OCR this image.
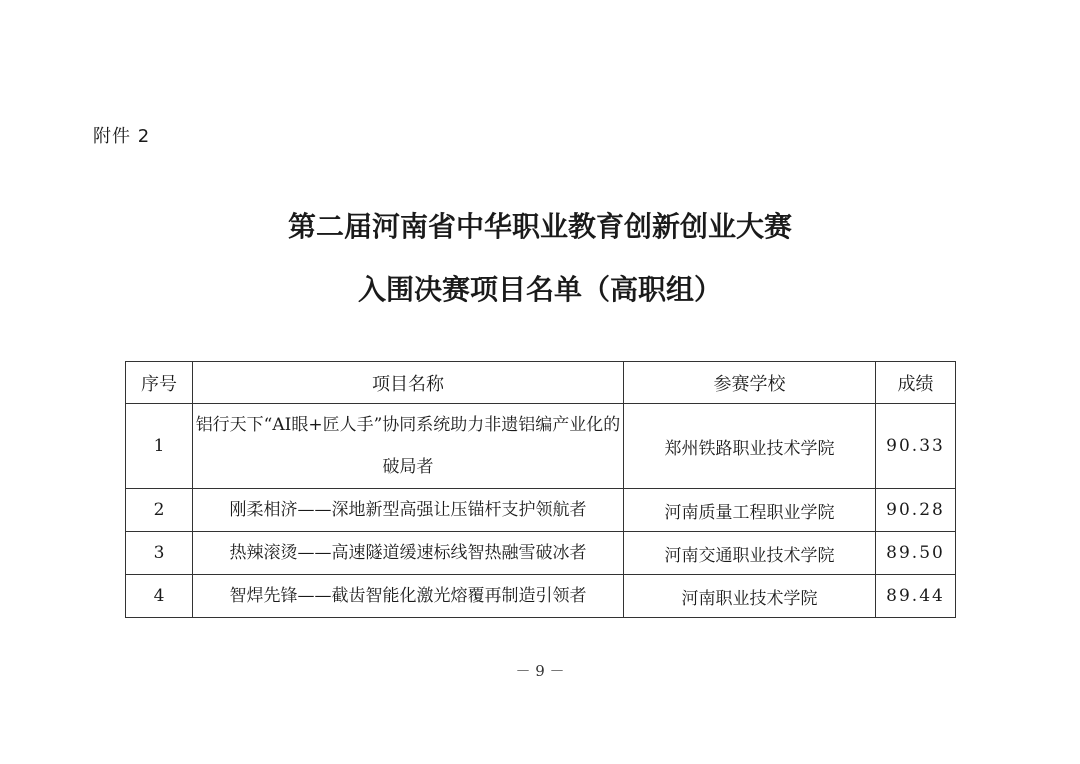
附件 2
第二届河南省中华职业教育创新创业大赛
入围决赛项目名单（高职组）
序号	项目名称	参赛学校	成绩
1	铝行天下“AI眼+匠人手”协同系统助力非遗铝编产业化的破局者	郑州铁路职业技术学院	90.33
2	刚柔相济——深地新型高强让压锚杆支护领航者	河南质量工程职业学院	90.28
3	热辣滚烫——高速隧道缓速标线智热融雪破冰者	河南交通职业技术学院	89.50
4	智焊先锋——截齿智能化激光熔覆再制造引领者	河南职业技术学院	89.44
－ 9 －
